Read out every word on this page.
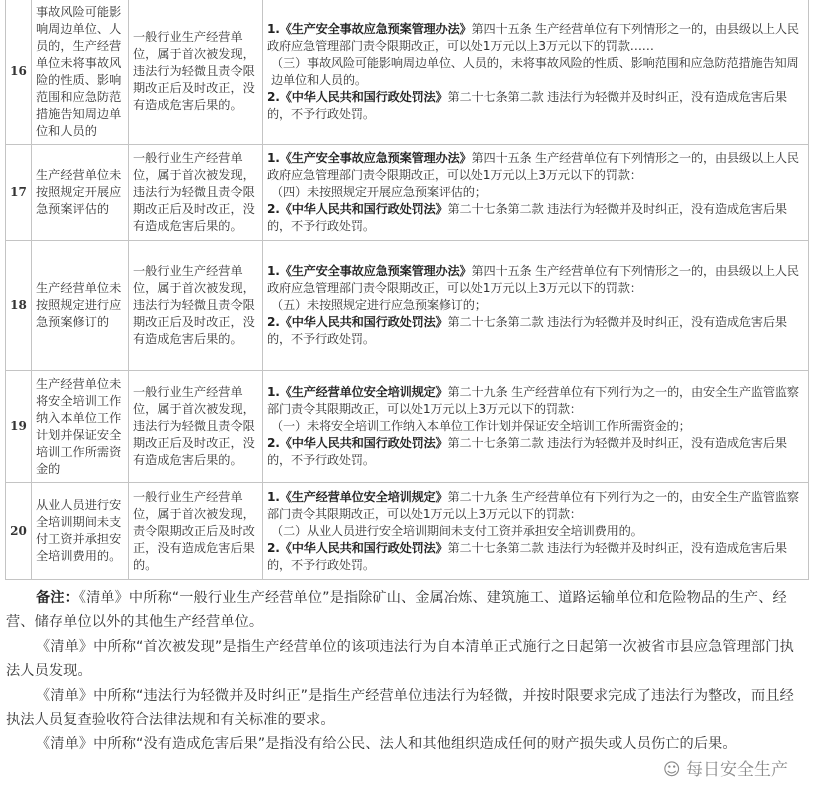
16	事故风险可能影响周边单位、人员的，生产经营单位未将事故风险的性质、影响范围和应急防范措施告知周边单位和人员的	一般行业生产经营单位，属于首次被发现，违法行为轻微且责令限期改正后及时改正，没有造成危害后果的。	1.《生产安全事故应急预案管理办法》第四十五条 生产经营单位有下列情形之一的，由县级以上人民政府应急管理部门责令限期改正，可以处1万元以上3万元以下的罚款……

（三）事故风险可能影响周边单位、人员的，未将事故风险的性质、影响范围和应急防范措施告知周边单位和人员的。

2.《中华人民共和国行政处罚法》第二十七条第二款 违法行为轻微并及时纠正，没有造成危害后果的，不予行政处罚。

17	生产经营单位未按照规定开展应急预案评估的	一般行业生产经营单位，属于首次被发现，违法行为轻微且责令限期改正后及时改正，没有造成危害后果的。	1.《生产安全事故应急预案管理办法》第四十五条 生产经营单位有下列情形之一的，由县级以上人民政府应急管理部门责令限期改正，可以处1万元以上3万元以下的罚款：

（四）未按照规定开展应急预案评估的；

2.《中华人民共和国行政处罚法》第二十七条第二款 违法行为轻微并及时纠正，没有造成危害后果的，不予行政处罚。

18	生产经营单位未按照规定进行应急预案修订的	一般行业生产经营单位，属于首次被发现，违法行为轻微且责令限期改正后及时改正，没有造成危害后果的。	1.《生产安全事故应急预案管理办法》第四十五条 生产经营单位有下列情形之一的，由县级以上人民政府应急管理部门责令限期改正，可以处1万元以上3万元以下的罚款：

（五）未按照规定进行应急预案修订的；

2.《中华人民共和国行政处罚法》第二十七条第二款 违法行为轻微并及时纠正，没有造成危害后果的，不予行政处罚。

19	生产经营单位未将安全培训工作纳入本单位工作计划并保证安全培训工作所需资金的	一般行业生产经营单位，属于首次被发现，违法行为轻微且责令限期改正后及时改正，没有造成危害后果的。	1.《生产经营单位安全培训规定》第二十九条 生产经营单位有下列行为之一的，由安全生产监管监察部门责令其限期改正，可以处1万元以上3万元以下的罚款：

（一）未将安全培训工作纳入本单位工作计划并保证安全培训工作所需资金的；

2.《中华人民共和国行政处罚法》第二十七条第二款 违法行为轻微并及时纠正，没有造成危害后果的，不予行政处罚。

20	从业人员进行安全培训期间未支付工资并承担安全培训费用的。	一般行业生产经营单位，属于首次被发现，责令限期改正后及时改正，没有造成危害后果的。	1.《生产经营单位安全培训规定》第二十九条 生产经营单位有下列行为之一的，由安全生产监管监察部门责令其限期改正，可以处1万元以上3万元以下的罚款：

（二）从业人员进行安全培训期间未支付工资并承担安全培训费用的。

2.《中华人民共和国行政处罚法》第二十七条第二款 违法行为轻微并及时纠正，没有造成危害后果的，不予行政处罚。

备注：《清单》中所称“一般行业生产经营单位”是指除矿山、金属冶炼、建筑施工、道路运输单位和危险物品的生产、经营、储存单位以外的其他生产经营单位。

《清单》中所称“首次被发现”是指生产经营单位的该项违法行为自本清单正式施行之日起第一次被省市县应急管理部门执法人员发现。

《清单》中所称“违法行为轻微并及时纠正”是指生产经营单位违法行为轻微，并按时限要求完成了违法行为整改，而且经执法人员复查验收符合法律法规和有关标准的要求。

《清单》中所称“没有造成危害后果”是指没有给公民、法人和其他组织造成任何的财产损失或人员伤亡的后果。

☺ 每日安全生产
